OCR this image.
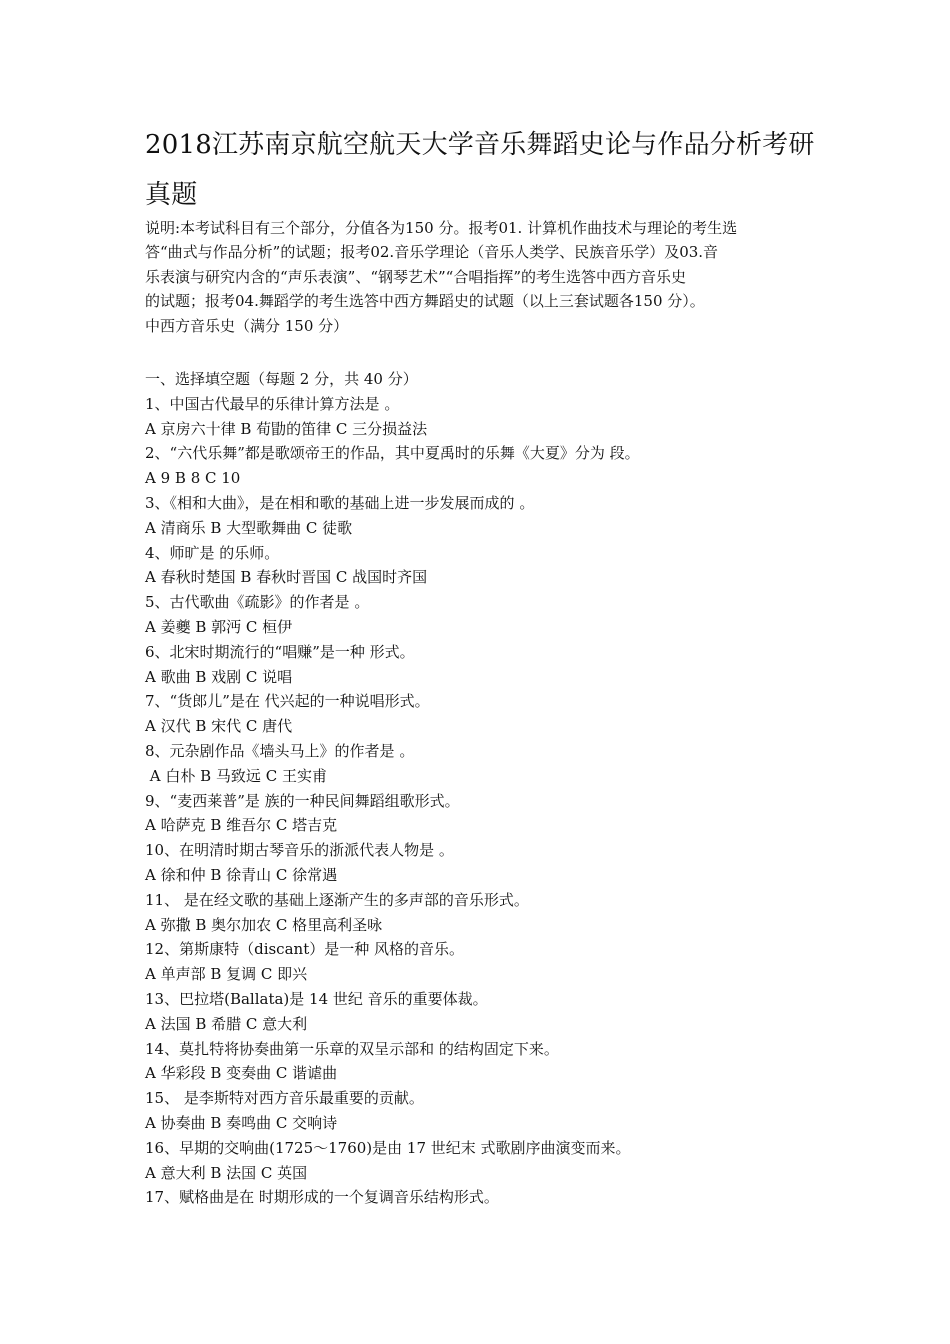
2018江苏南京航空航天大学音乐舞蹈史论与作品分析考研
真题

说明:本考试科目有三个部分，分值各为150 分。报考01. 计算机作曲技术与理论的考生选

答“曲式与作品分析”的试题；报考02.音乐学理论（音乐人类学、民族音乐学）及03.音

乐表演与研究内含的“声乐表演”、“钢琴艺术”“合唱指挥”的考生选答中西方音乐史

的试题；报考04.舞蹈学的考生选答中西方舞蹈史的试题（以上三套试题各150 分）。

中西方音乐史（满分 150 分）

一、选择填空题（每题 2 分，共 40 分）

1、中国古代最早的乐律计算方法是 。

A 京房六十律 B 荀勖的笛律 C 三分损益法

2、“六代乐舞”都是歌颂帝王的作品，其中夏禹时的乐舞《大夏》分为 段。

A 9 B 8 C 10

3、《相和大曲》，是在相和歌的基础上进一步发展而成的 。

A 清商乐 B 大型歌舞曲 C 徒歌

4、师旷是 的乐师。

A 春秋时楚国 B 春秋时晋国 C 战国时齐国

5、古代歌曲《疏影》的作者是 。

A 姜夔 B 郭沔 C 桓伊

6、北宋时期流行的“唱赚”是一种 形式。

A 歌曲 B 戏剧 C 说唱

7、“货郎儿”是在 代兴起的一种说唱形式。

A 汉代 B 宋代 C 唐代

8、元杂剧作品《墙头马上》的作者是 。

A 白朴 B 马致远 C 王实甫

9、“麦西莱普”是 族的一种民间舞蹈组歌形式。

A 哈萨克 B 维吾尔 C 塔吉克

10、在明清时期古琴音乐的浙派代表人物是 。

A 徐和仲 B 徐青山 C 徐常遇

11、 是在经文歌的基础上逐渐产生的多声部的音乐形式。

A 弥撒 B 奥尔加农 C 格里高利圣咏

12、第斯康特（discant）是一种 风格的音乐。

A 单声部 B 复调 C 即兴

13、巴拉塔(Ballata)是 14 世纪 音乐的重要体裁。

A 法国 B 希腊 C 意大利

14、莫扎特将协奏曲第一乐章的双呈示部和 的结构固定下来。

A 华彩段 B 变奏曲 C 谐谑曲

15、 是李斯特对西方音乐最重要的贡献。

A 协奏曲 B 奏鸣曲 C 交响诗

16、早期的交响曲(1725～1760)是由 17 世纪末 式歌剧序曲演变而来。

A 意大利 B 法国 C 英国

17、赋格曲是在 时期形成的一个复调音乐结构形式。
